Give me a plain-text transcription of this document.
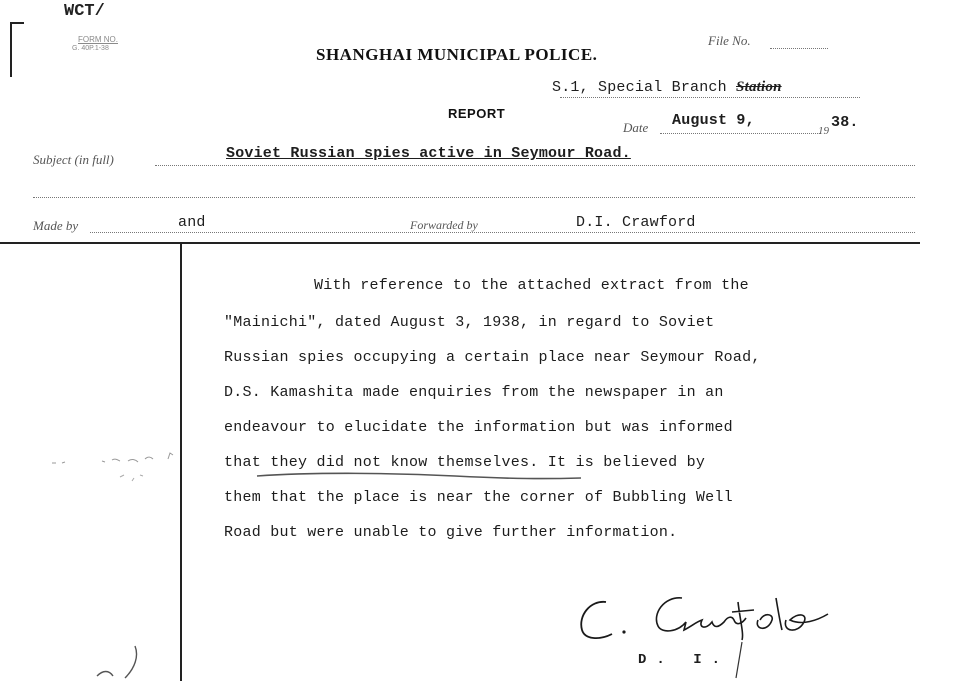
WCT/
FORM NO.
G. 40P.1-38	SHANGHAI MUNICIPAL POLICE.
File No.
S.1, Special Branch Station
REPORT
Date August 9,
19 38.
Subject (in full)	Soviet Russian spies active in Seymour Road.
Made by	and	Forwarded by	D.I. Crawford
With reference to the attached extract from the
"Mainichi", dated August 3, 1938, in regard to Soviet
Russian spies occupying a certain place near Seymour Road,
D.S. Kamashita made enquiries from the newspaper in an
endeavour to elucidate the information but was informed
that they did not know themselves. It is believed by
them that the place is near the corner of Bubbling Well
Road but were unable to give further information.
D. I.
